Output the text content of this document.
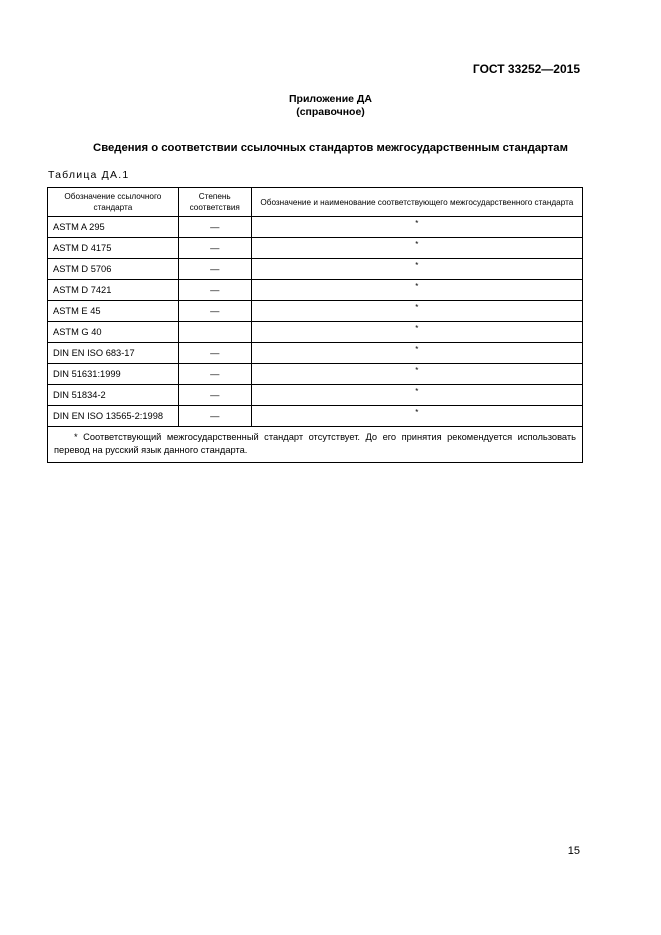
ГОСТ 33252—2015
Приложение ДА
(справочное)
Сведения о соответствии ссылочных стандартов межгосударственным стандартам
Таблица ДА.1
Обозначение ссылочного стандарта	Степень соответствия	Обозначение и наименование соответствующего межгосударственного стандарта
ASTM A 295	—	*
ASTM D 4175	—	*
ASTM D 5706	—	*
ASTM D 7421	—	*
ASTM E 45	—	*
ASTM G 40		*
DIN EN ISO 683-17	—	*
DIN 51631:1999	—	*
DIN 51834-2	—	*
DIN EN ISO 13565-2:1998	—	*
* Соответствующий межгосударственный стандарт отсутствует. До его принятия рекомендуется использовать перевод на русский язык данного стандарта.		
15
